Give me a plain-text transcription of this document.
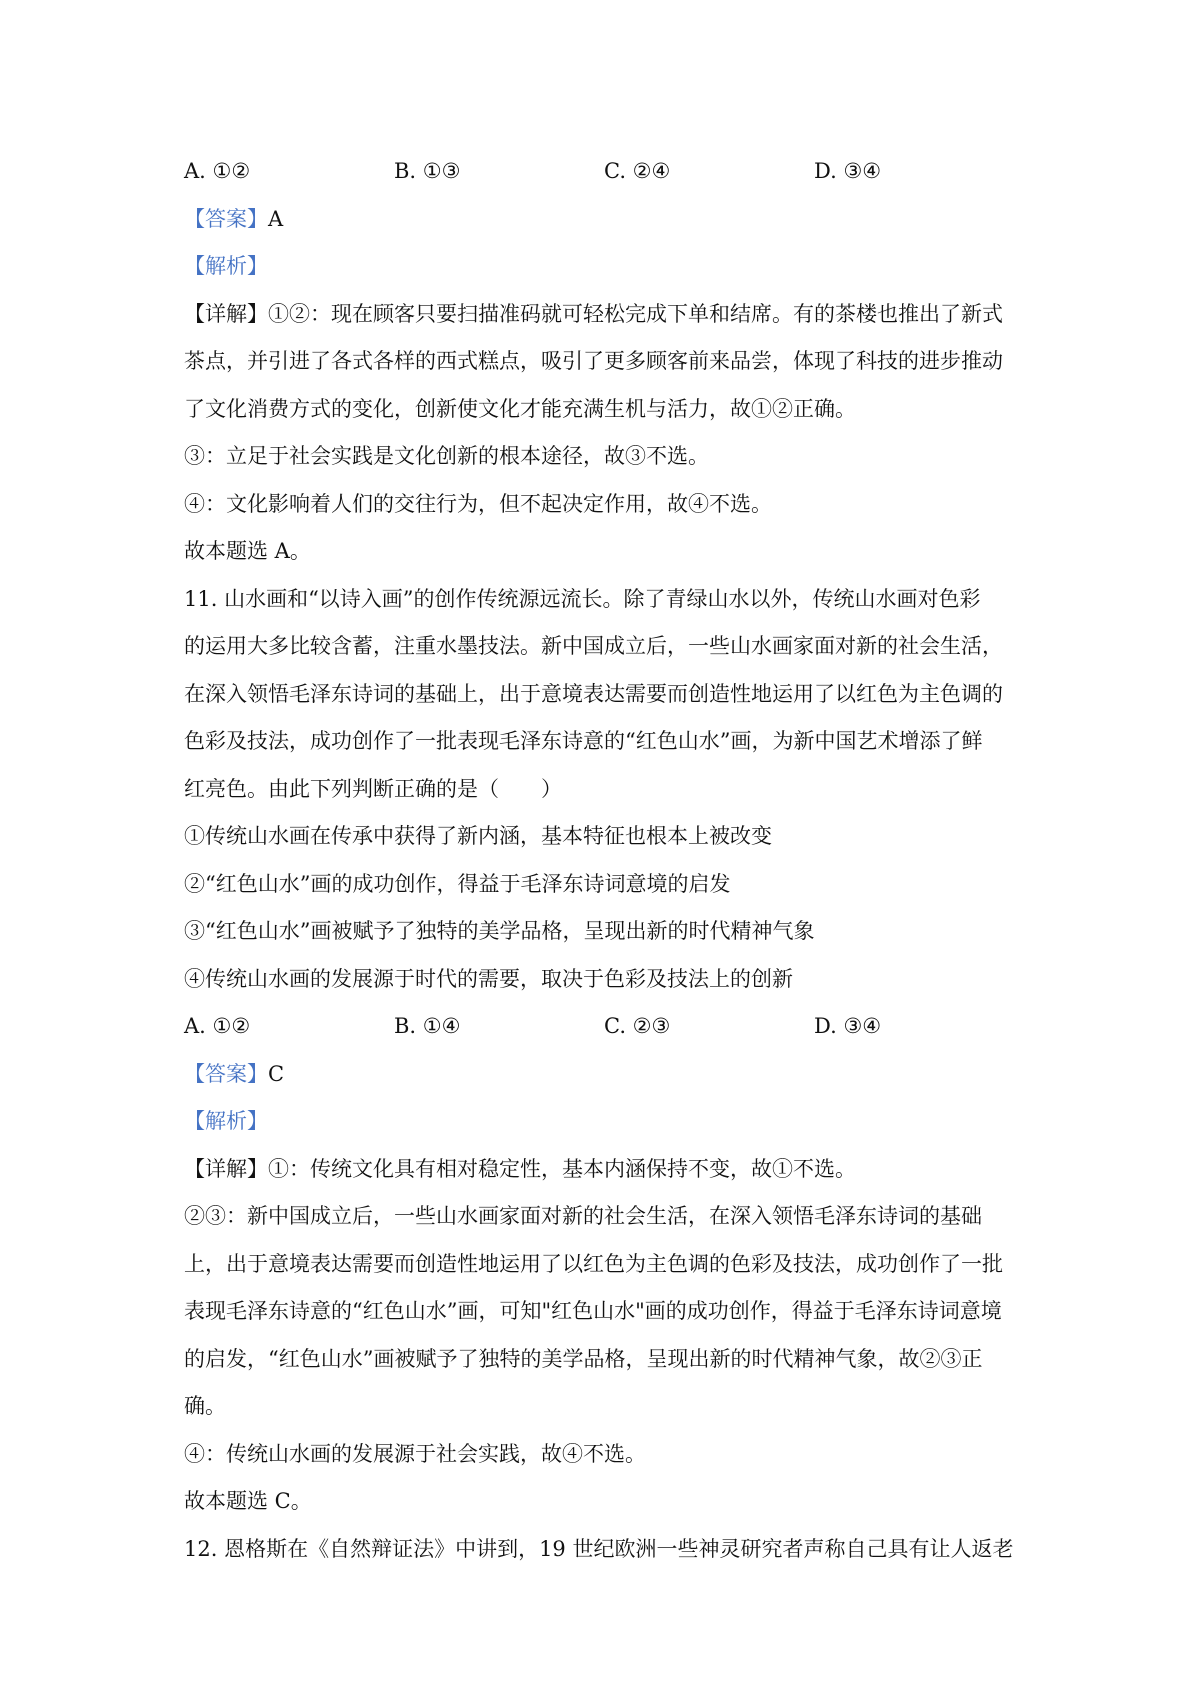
A. ①②	B. ①③	C. ②④	D. ③④
【答案】A
【解析】
【详解】①②：现在顾客只要扫描准码就可轻松完成下单和结席。有的茶楼也推出了新式
茶点，并引进了各式各样的西式糕点，吸引了更多顾客前来品尝，体现了科技的进步推动
了文化消费方式的变化，创新使文化才能充满生机与活力，故①②正确。
③：立足于社会实践是文化创新的根本途径，故③不选。
④：文化影响着人们的交往行为，但不起决定作用，故④不选。
故本题选 A。
11. 山水画和“以诗入画”的创作传统源远流长。除了青绿山水以外，传统山水画对色彩
的运用大多比较含蓄，注重水墨技法。新中国成立后，一些山水画家面对新的社会生活，
在深入领悟毛泽东诗词的基础上，出于意境表达需要而创造性地运用了以红色为主色调的
色彩及技法，成功创作了一批表现毛泽东诗意的“红色山水”画，为新中国艺术增添了鲜
红亮色。由此下列判断正确的是（　　）
①传统山水画在传承中获得了新内涵，基本特征也根本上被改变
②“红色山水”画的成功创作，得益于毛泽东诗词意境的启发
③“红色山水”画被赋予了独特的美学品格，呈现出新的时代精神气象
④传统山水画的发展源于时代的需要，取决于色彩及技法上的创新
A. ①②	B. ①④	C. ②③	D. ③④
【答案】C
【解析】
【详解】①：传统文化具有相对稳定性，基本内涵保持不变，故①不选。
②③：新中国成立后，一些山水画家面对新的社会生活，在深入领悟毛泽东诗词的基础
上，出于意境表达需要而创造性地运用了以红色为主色调的色彩及技法，成功创作了一批
表现毛泽东诗意的“红色山水”画，可知"红色山水"画的成功创作，得益于毛泽东诗词意境
的启发，“红色山水”画被赋予了独特的美学品格，呈现出新的时代精神气象，故②③正
确。
④：传统山水画的发展源于社会实践，故④不选。
故本题选 C。
12. 恩格斯在《自然辩证法》中讲到，19 世纪欧洲一些神灵研究者声称自己具有让人返老
